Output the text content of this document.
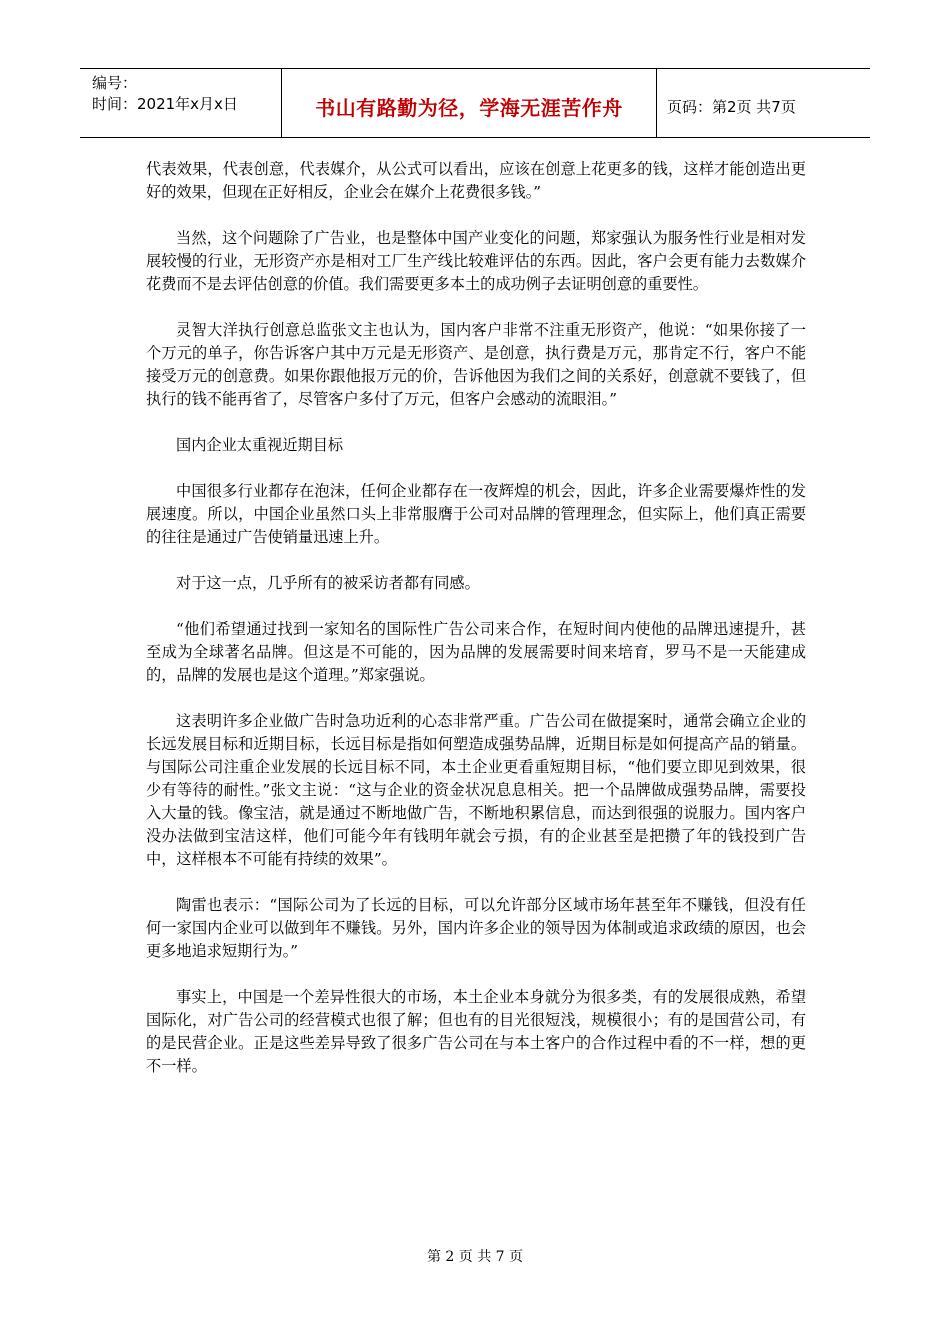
编号：
时间：2021年x月x日	书山有路勤为径，学海无涯苦作舟	页码：第2页 共7页

代表效果，代表创意，代表媒介，从公式可以看出，应该在创意上花更多的钱，这样才能创造出更好的效果，但现在正好相反，企业会在媒介上花费很多钱。”

当然，这个问题除了广告业，也是整体中国产业变化的问题，郑家强认为服务性行业是相对发展较慢的行业，无形资产亦是相对工厂生产线比较难评估的东西。因此，客户会更有能力去数媒介花费而不是去评估创意的价值。我们需要更多本土的成功例子去证明创意的重要性。

灵智大洋执行创意总监张文主也认为，国内客户非常不注重无形资产，他说：“如果你接了一个万元的单子，你告诉客户其中万元是无形资产、是创意，执行费是万元，那肯定不行，客户不能接受万元的创意费。如果你跟他报万元的价，告诉他因为我们之间的关系好，创意就不要钱了，但执行的钱不能再省了，尽管客户多付了万元，但客户会感动的流眼泪。”

国内企业太重视近期目标

中国很多行业都存在泡沫，任何企业都存在一夜辉煌的机会，因此，许多企业需要爆炸性的发展速度。所以，中国企业虽然口头上非常服膺于公司对品牌的管理理念，但实际上，他们真正需要的往往是通过广告使销量迅速上升。

对于这一点，几乎所有的被采访者都有同感。

“他们希望通过找到一家知名的国际性广告公司来合作，在短时间内使他的品牌迅速提升，甚至成为全球著名品牌。但这是不可能的，因为品牌的发展需要时间来培育，罗马不是一天能建成的，品牌的发展也是这个道理。”郑家强说。

这表明许多企业做广告时急功近利的心态非常严重。广告公司在做提案时，通常会确立企业的长远发展目标和近期目标，长远目标是指如何塑造成强势品牌，近期目标是如何提高产品的销量。与国际公司注重企业发展的长远目标不同，本土企业更看重短期目标，“他们要立即见到效果，很少有等待的耐性。”张文主说：“这与企业的资金状况息息相关。把一个品牌做成强势品牌，需要投入大量的钱。像宝洁，就是通过不断地做广告，不断地积累信息，而达到很强的说服力。国内客户没办法做到宝洁这样，他们可能今年有钱明年就会亏损，有的企业甚至是把攒了年的钱投到广告中，这样根本不可能有持续的效果”。

陶雷也表示：“国际公司为了长远的目标，可以允许部分区域市场年甚至年不赚钱，但没有任何一家国内企业可以做到年不赚钱。另外，国内许多企业的领导因为体制或追求政绩的原因，也会更多地追求短期行为。”

事实上，中国是一个差异性很大的市场，本土企业本身就分为很多类，有的发展很成熟，希望国际化，对广告公司的经营模式也很了解；但也有的目光很短浅，规模很小；有的是国营公司，有的是民营企业。正是这些差异导致了很多广告公司在与本土客户的合作过程中看的不一样，想的更不一样。

第 2 页 共 7 页
